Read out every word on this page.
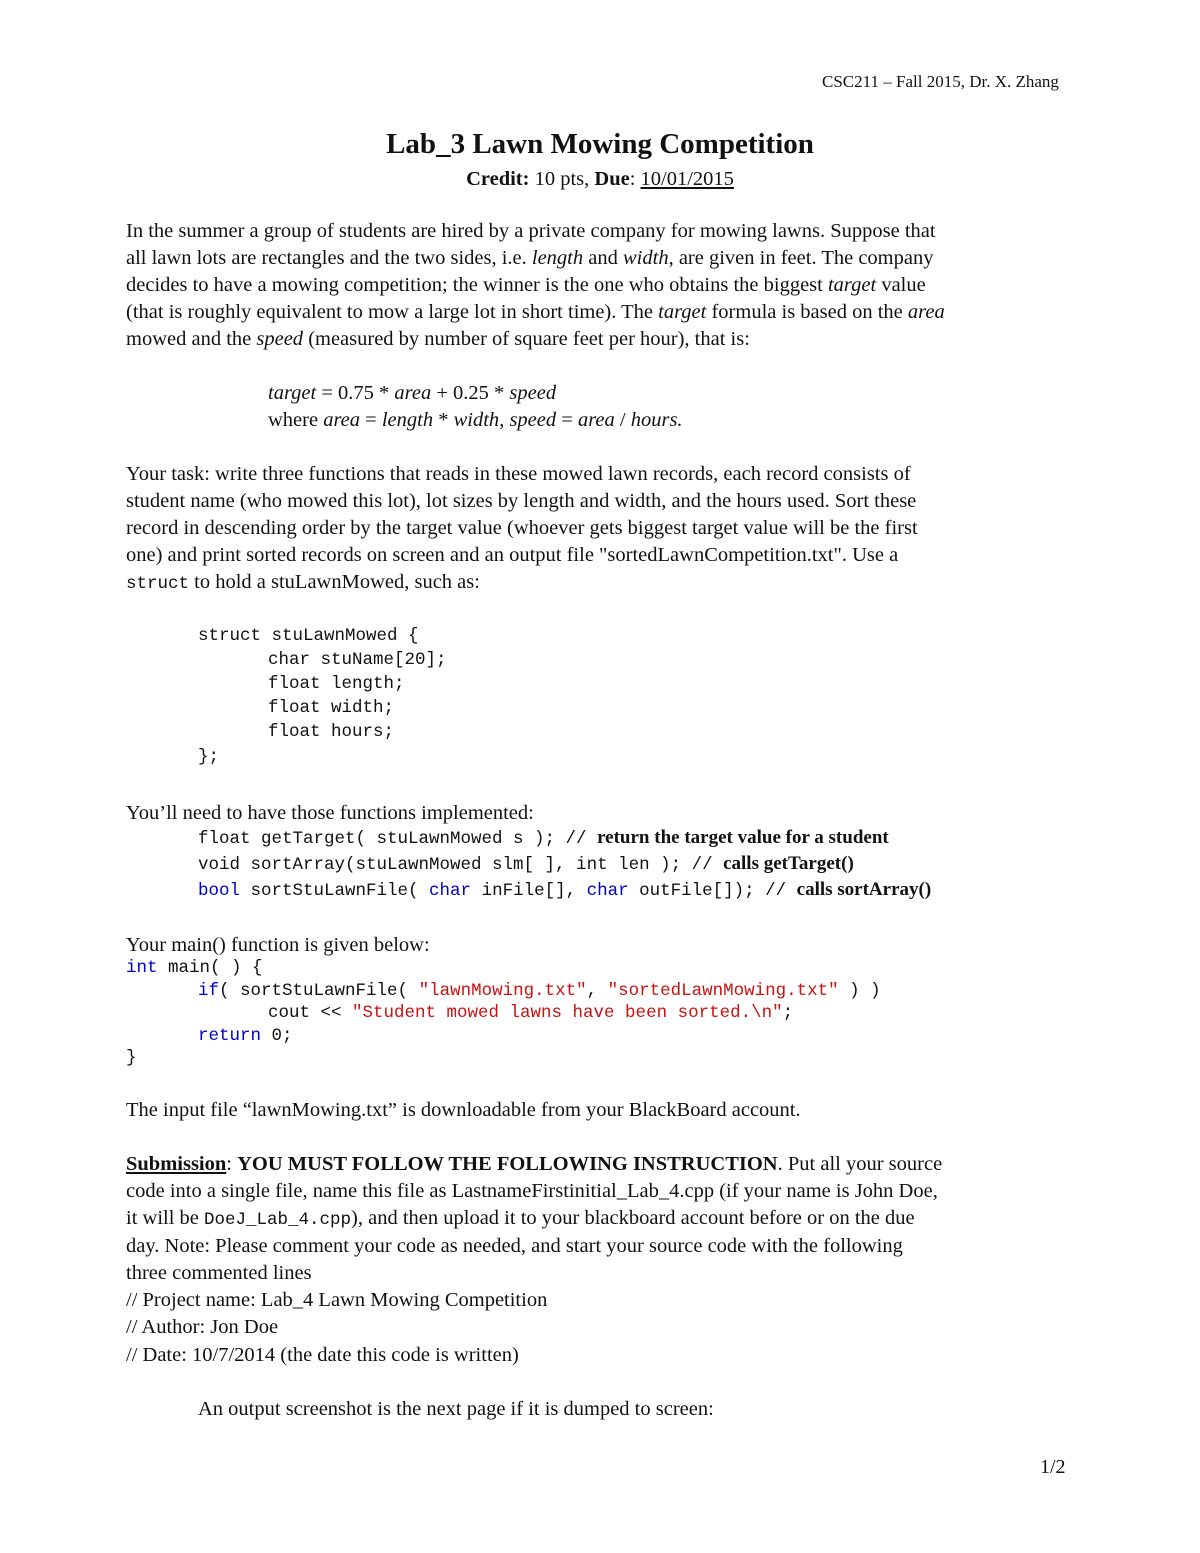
CSC211 – Fall 2015, Dr. X. Zhang
Lab_3 Lawn Mowing Competition
Credit: 10 pts, Due: 10/01/2015
In the summer a group of students are hired by a private company for mowing lawns. Suppose that
all lawn lots are rectangles and the two sides, i.e. length and width, are given in feet. The company
decides to have a mowing competition; the winner is the one who obtains the biggest target value
(that is roughly equivalent to mow a large lot in short time). The target formula is based on the area
mowed and the speed (measured by number of square feet per hour), that is:
target = 0.75 * area + 0.25 * speed
where area = length * width, speed = area / hours.
Your task: write three functions that reads in these mowed lawn records, each record consists of
student name (who mowed this lot), lot sizes by length and width, and the hours used. Sort these
record in descending order by the target value (whoever gets biggest target value will be the first
one) and print sorted records on screen and an output file "sortedLawnCompetition.txt". Use a
struct to hold a stuLawnMowed, such as:
struct stuLawnMowed {
char stuName[20];
float length;
float width;
float hours;
};
You’ll need to have those functions implemented:
float getTarget( stuLawnMowed s ); // return the target value for a student
void sortArray(stuLawnMowed slm[ ], int len ); // calls getTarget()
bool sortStuLawnFile( char inFile[], char outFile[]); // calls sortArray()
Your main() function is given below:
int main( ) {
if( sortStuLawnFile( "lawnMowing.txt", "sortedLawnMowing.txt" ) )
cout << "Student mowed lawns have been sorted.\n";
return 0;
}
The input file “lawnMowing.txt” is downloadable from your BlackBoard account.
Submission: YOU MUST FOLLOW THE FOLLOWING INSTRUCTION. Put all your source
code into a single file, name this file as LastnameFirstinitial_Lab_4.cpp (if your name is John Doe,
it will be DoeJ_Lab_4.cpp), and then upload it to your blackboard account before or on the due
day. Note: Please comment your code as needed, and start your source code with the following
three commented lines
// Project name: Lab_4 Lawn Mowing Competition
// Author: Jon Doe
// Date: 10/7/2014 (the date this code is written)
An output screenshot is the next page if it is dumped to screen:
1/2
